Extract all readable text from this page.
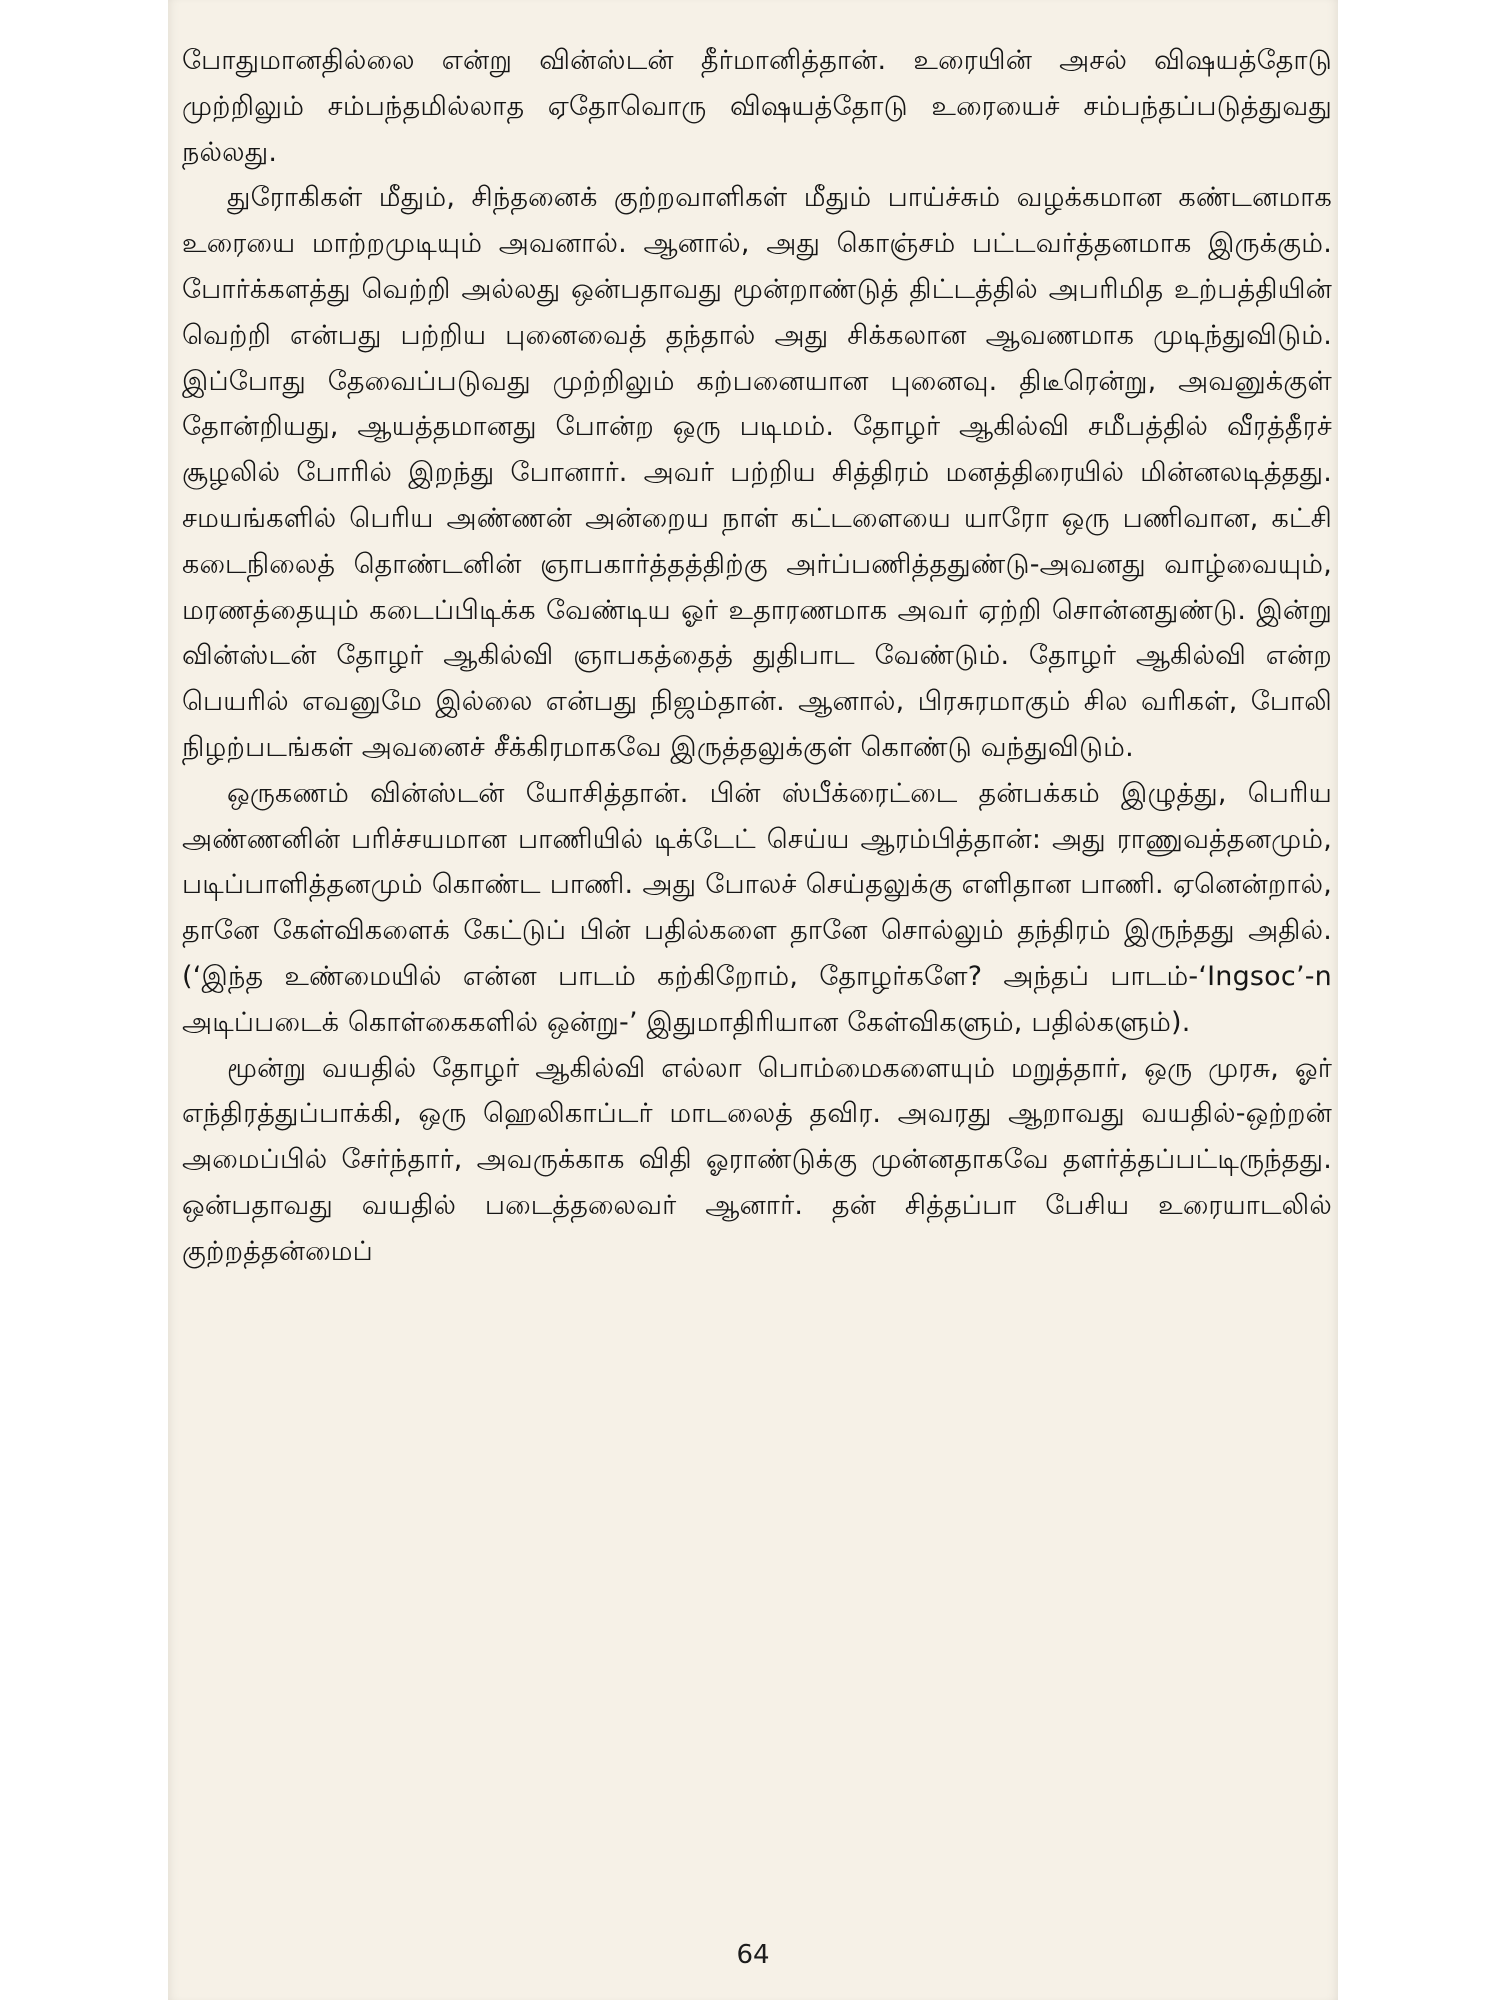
போதுமானதில்லை என்று வின்ஸ்டன் தீர்மானித்தான். உரையின் அசல் விஷயத்தோடு முற்றிலும் சம்பந்தமில்லாத ஏதோவொரு விஷயத்தோடு உரையைச் சம்பந்தப்படுத்துவது நல்லது.

துரோகிகள் மீதும், சிந்தனைக் குற்றவாளிகள் மீதும் பாய்ச்சும் வழக்கமான கண்டனமாக உரையை மாற்றமுடியும் அவனால். ஆனால், அது கொஞ்சம் பட்டவர்த்தனமாக இருக்கும். போர்க்களத்து வெற்றி அல்லது ஒன்பதாவது மூன்றாண்டுத் திட்டத்தில் அபரிமித உற்பத்தியின் வெற்றி என்பது பற்றிய புனைவைத் தந்தால் அது சிக்கலான ஆவணமாக முடிந்துவிடும். இப்போது தேவைப்படுவது முற்றிலும் கற்பனையான புனைவு. திடீரென்று, அவனுக்குள் தோன்றியது, ஆயத்தமானது போன்ற ஒரு படிமம். தோழர் ஆகில்வி சமீபத்தில் வீரத்தீரச் சூழலில் போரில் இறந்து போனார். அவர் பற்றிய சித்திரம் மனத்திரையில் மின்னலடித்தது. சமயங்களில் பெரிய அண்ணன் அன்றைய நாள் கட்டளையை யாரோ ஒரு பணிவான, கட்சி கடைநிலைத் தொண்டனின் ஞாபகார்த்தத்திற்கு அர்ப்பணித்ததுண்டு-அவனது வாழ்வையும், மரணத்தையும் கடைப்பிடிக்க வேண்டிய ஓர் உதாரணமாக அவர் ஏற்றி சொன்னதுண்டு. இன்று வின்ஸ்டன் தோழர் ஆகில்வி ஞாபகத்தைத் துதிபாட வேண்டும். தோழர் ஆகில்வி என்ற பெயரில் எவனுமே இல்லை என்பது நிஜம்தான். ஆனால், பிரசுரமாகும் சில வரிகள், போலி நிழற்படங்கள் அவனைச் சீக்கிரமாகவே இருத்தலுக்குள் கொண்டு வந்துவிடும்.

ஒருகணம் வின்ஸ்டன் யோசித்தான். பின் ஸ்பீக்ரைட்டை தன்பக்கம் இழுத்து, பெரிய அண்ணனின் பரிச்சயமான பாணியில் டிக்டேட் செய்ய ஆரம்பித்தான்: அது ராணுவத்தனமும், படிப்பாளித்தனமும் கொண்ட பாணி. அது போலச் செய்தலுக்கு எளிதான பாணி. ஏனென்றால், தானே கேள்விகளைக் கேட்டுப் பின் பதில்களை தானே சொல்லும் தந்திரம் இருந்தது அதில். (‘இந்த உண்மையில் என்ன பாடம் கற்கிறோம், தோழர்களே? அந்தப் பாடம்-‘Ingsoc’-n அடிப்படைக் கொள்கைகளில் ஒன்று-’ இதுமாதிரியான கேள்விகளும், பதில்களும்).

மூன்று வயதில் தோழர் ஆகில்வி எல்லா பொம்மைகளையும் மறுத்தார், ஒரு முரசு, ஓர் எந்திரத்துப்பாக்கி, ஒரு ஹெலிகாப்டர் மாடலைத் தவிர. அவரது ஆறாவது வயதில்-ஒற்றன் அமைப்பில் சேர்ந்தார், அவருக்காக விதி ஓராண்டுக்கு முன்னதாகவே தளர்த்தப்பட்டிருந்தது. ஒன்பதாவது வயதில் படைத்தலைவர் ஆனார். தன் சித்தப்பா பேசிய உரையாடலில் குற்றத்தன்மைப்

64
